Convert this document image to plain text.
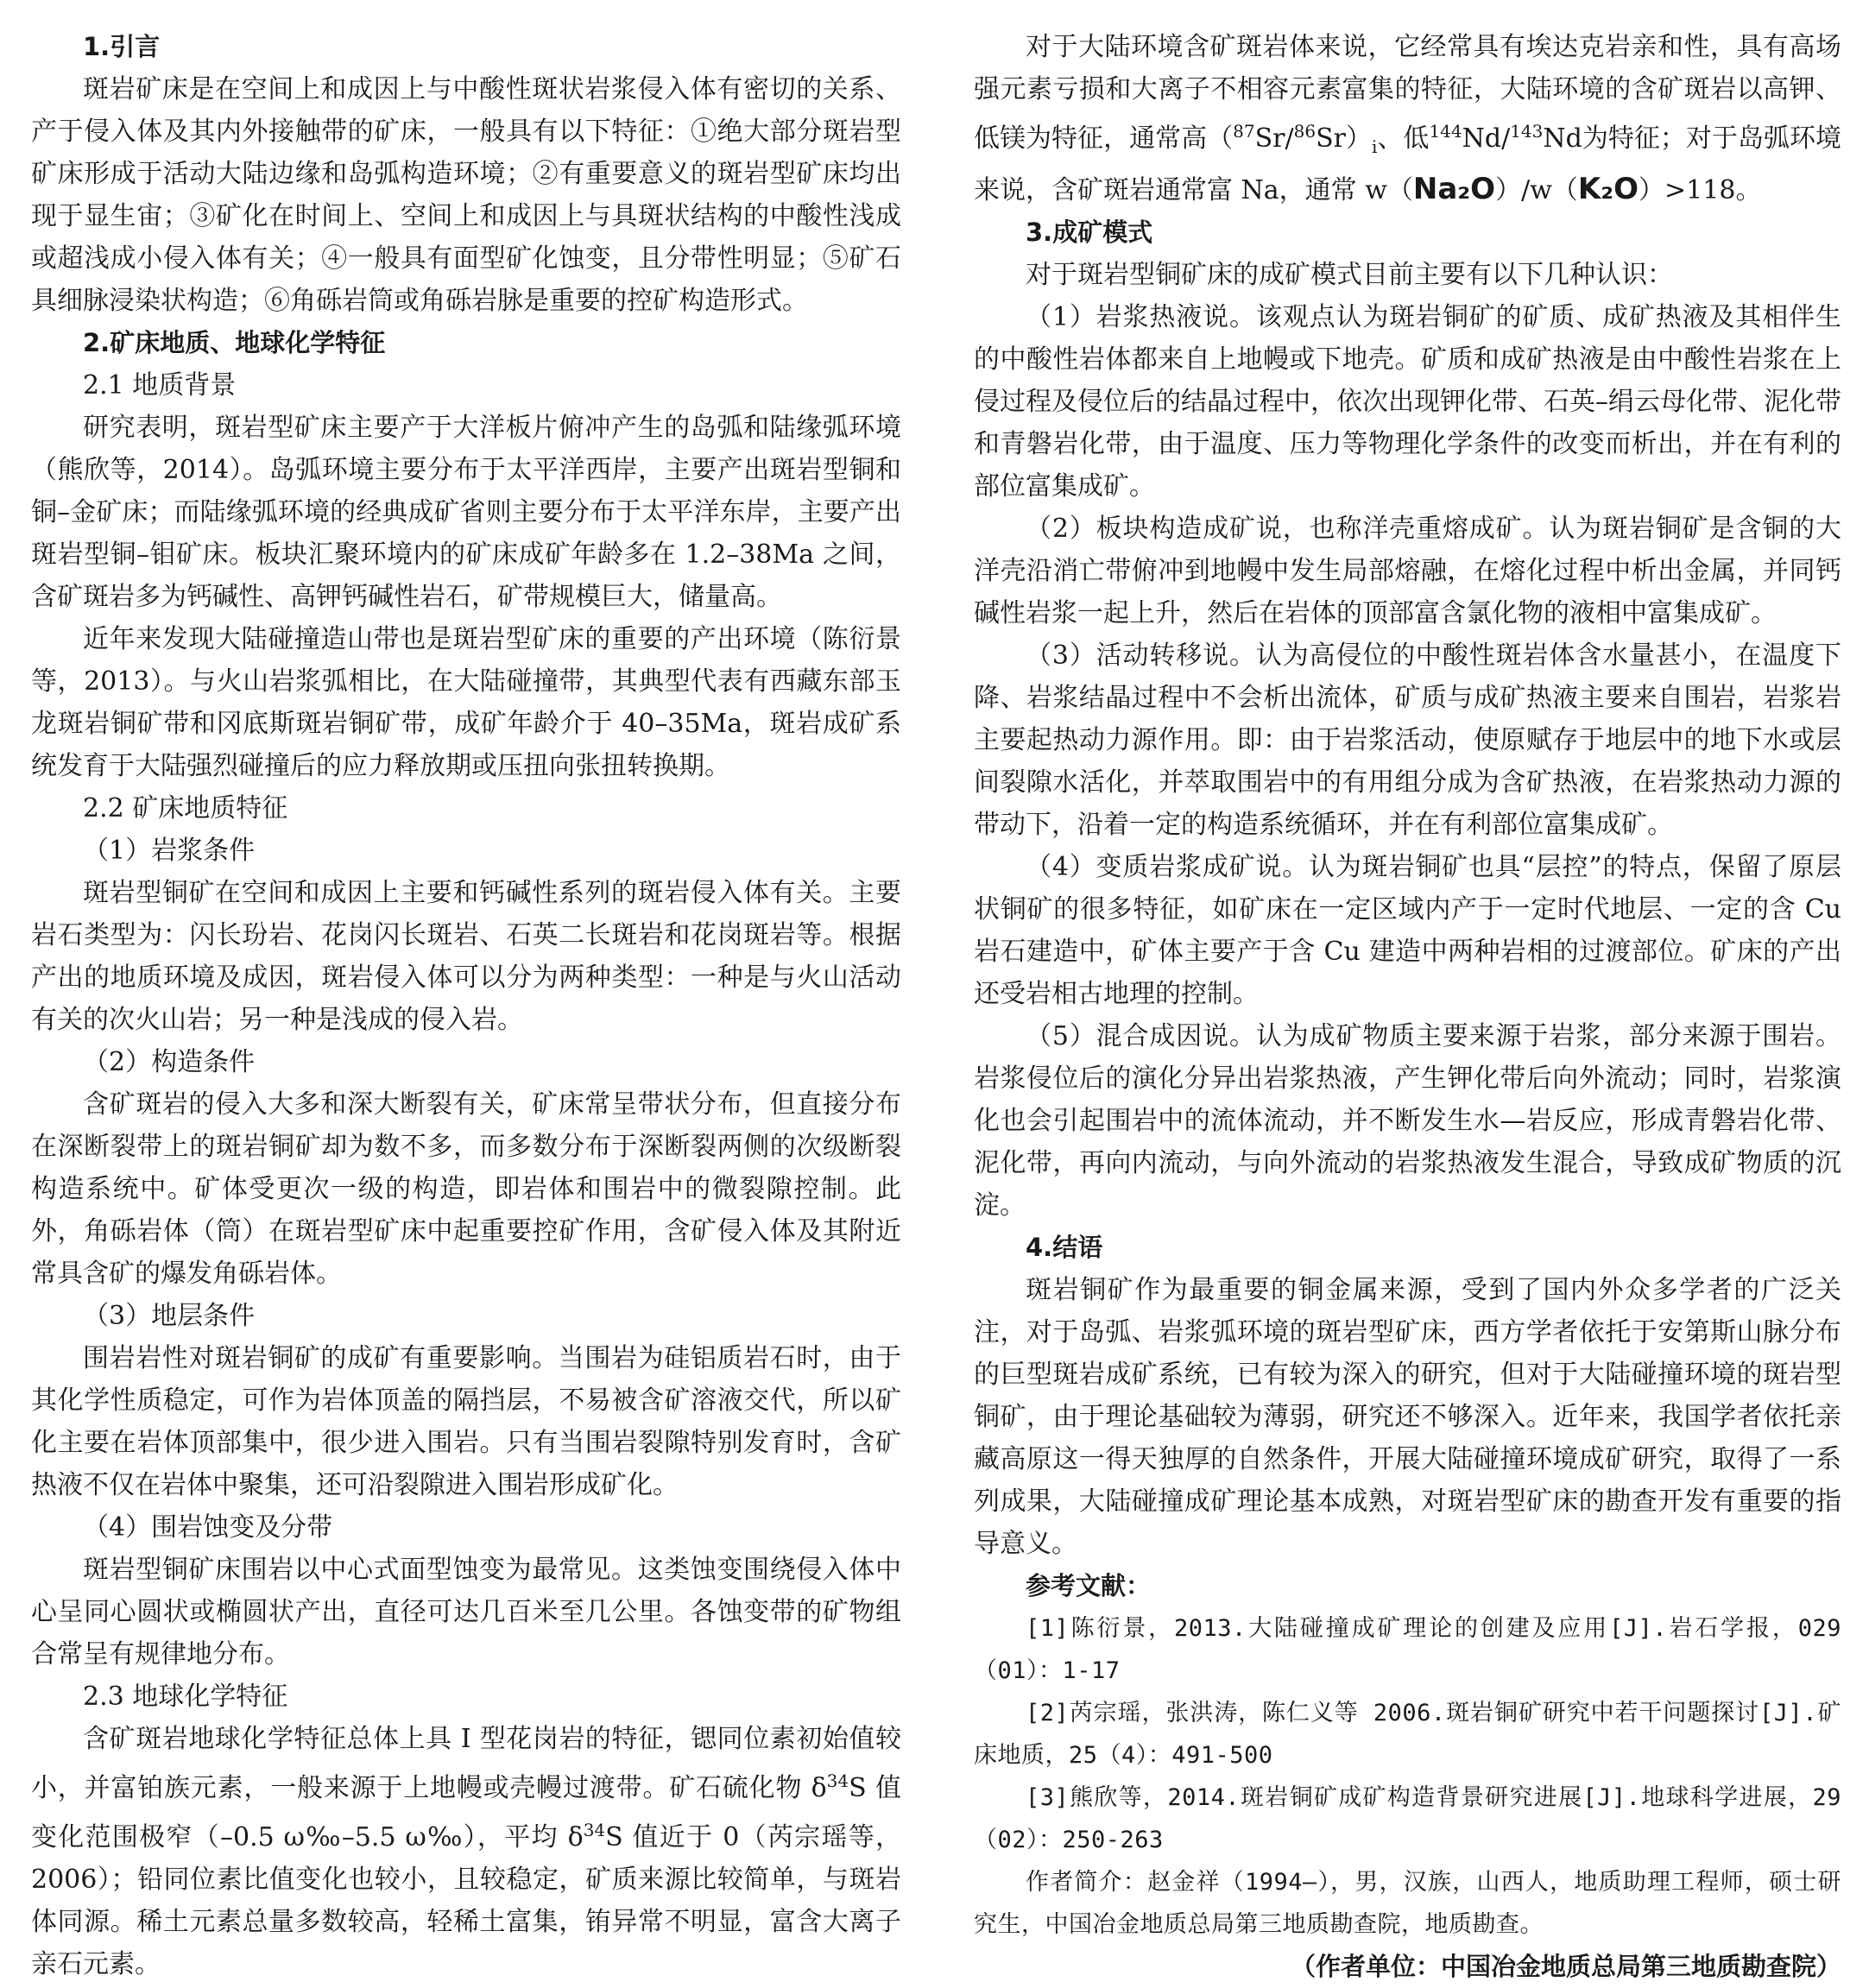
1.引言

斑岩矿床是在空间上和成因上与中酸性斑状岩浆侵入体有密切的关系、产于侵入体及其内外接触带的矿床，一般具有以下特征：①绝大部分斑岩型矿床形成于活动大陆边缘和岛弧构造环境；②有重要意义的斑岩型矿床均出现于显生宙；③矿化在时间上、空间上和成因上与具斑状结构的中酸性浅成或超浅成小侵入体有关；④一般具有面型矿化蚀变，且分带性明显；⑤矿石具细脉浸染状构造；⑥角砾岩筒或角砾岩脉是重要的控矿构造形式。

2.矿床地质、地球化学特征

2.1 地质背景

研究表明，斑岩型矿床主要产于大洋板片俯冲产生的岛弧和陆缘弧环境（熊欣等，2014）。岛弧环境主要分布于太平洋西岸，主要产出斑岩型铜和铜–金矿床；而陆缘弧环境的经典成矿省则主要分布于太平洋东岸，主要产出斑岩型铜–钼矿床。板块汇聚环境内的矿床成矿年龄多在 1.2–38Ma 之间，含矿斑岩多为钙碱性、高钾钙碱性岩石，矿带规模巨大，储量高。

近年来发现大陆碰撞造山带也是斑岩型矿床的重要的产出环境（陈衍景等，2013）。与火山岩浆弧相比，在大陆碰撞带，其典型代表有西藏东部玉龙斑岩铜矿带和冈底斯斑岩铜矿带，成矿年龄介于 40–35Ma，斑岩成矿系统发育于大陆强烈碰撞后的应力释放期或压扭向张扭转换期。

2.2 矿床地质特征

（1）岩浆条件

斑岩型铜矿在空间和成因上主要和钙碱性系列的斑岩侵入体有关。主要岩石类型为：闪长玢岩、花岗闪长斑岩、石英二长斑岩和花岗斑岩等。根据产出的地质环境及成因，斑岩侵入体可以分为两种类型：一种是与火山活动有关的次火山岩；另一种是浅成的侵入岩。

（2）构造条件

含矿斑岩的侵入大多和深大断裂有关，矿床常呈带状分布，但直接分布在深断裂带上的斑岩铜矿却为数不多，而多数分布于深断裂两侧的次级断裂构造系统中。矿体受更次一级的构造，即岩体和围岩中的微裂隙控制。此外，角砾岩体（筒）在斑岩型矿床中起重要控矿作用，含矿侵入体及其附近常具含矿的爆发角砾岩体。

（3）地层条件

围岩岩性对斑岩铜矿的成矿有重要影响。当围岩为硅铝质岩石时，由于其化学性质稳定，可作为岩体顶盖的隔挡层，不易被含矿溶液交代，所以矿化主要在岩体顶部集中，很少进入围岩。只有当围岩裂隙特别发育时，含矿热液不仅在岩体中聚集，还可沿裂隙进入围岩形成矿化。

（4）围岩蚀变及分带

斑岩型铜矿床围岩以中心式面型蚀变为最常见。这类蚀变围绕侵入体中心呈同心圆状或椭圆状产出，直径可达几百米至几公里。各蚀变带的矿物组合常呈有规律地分布。

2.3 地球化学特征

含矿斑岩地球化学特征总体上具 I 型花岗岩的特征，锶同位素初始值较小，并富铂族元素，一般来源于上地幔或壳幔过渡带。矿石硫化物 $\delta^{34}S$ 值变化范围极窄（–0.5 ω‰–5.5 ω‰），平均 $\delta^{34}S$ 值近于 0（芮宗瑶等，2006）；铅同位素比值变化也较小，且较稳定，矿质来源比较简单，与斑岩体同源。稀土元素总量多数较高，轻稀土富集，铕异常不明显，富含大离子亲石元素。

对于大陆环境含矿斑岩体来说，它经常具有埃达克岩亲和性，具有高场强元素亏损和大离子不相容元素富集的特征，大陆环境的含矿斑岩以高钾、低镁为特征，通常高$(^{87}Sr/^{86}Sr)_i$、低$^{144}$Nd/$^{143}$Nd为特征；对于岛弧环境来说，含矿斑岩通常富 Na，通常 w（Na₂O）/w（K₂O）>118。

3.成矿模式

对于斑岩型铜矿床的成矿模式目前主要有以下几种认识：

（1）岩浆热液说。该观点认为斑岩铜矿的矿质、成矿热液及其相伴生的中酸性岩体都来自上地幔或下地壳。矿质和成矿热液是由中酸性岩浆在上侵过程及侵位后的结晶过程中，依次出现钾化带、石英–绢云母化带、泥化带和青磐岩化带，由于温度、压力等物理化学条件的改变而析出，并在有利的部位富集成矿。

（2）板块构造成矿说，也称洋壳重熔成矿。认为斑岩铜矿是含铜的大洋壳沿消亡带俯冲到地幔中发生局部熔融，在熔化过程中析出金属，并同钙碱性岩浆一起上升，然后在岩体的顶部富含氯化物的液相中富集成矿。

（3）活动转移说。认为高侵位的中酸性斑岩体含水量甚小，在温度下降、岩浆结晶过程中不会析出流体，矿质与成矿热液主要来自围岩，岩浆岩主要起热动力源作用。即：由于岩浆活动，使原赋存于地层中的地下水或层间裂隙水活化，并萃取围岩中的有用组分成为含矿热液，在岩浆热动力源的带动下，沿着一定的构造系统循环，并在有利部位富集成矿。

（4）变质岩浆成矿说。认为斑岩铜矿也具“层控”的特点，保留了原层状铜矿的很多特征，如矿床在一定区域内产于一定时代地层、一定的含 Cu 岩石建造中，矿体主要产于含 Cu 建造中两种岩相的过渡部位。矿床的产出还受岩相古地理的控制。

（5）混合成因说。认为成矿物质主要来源于岩浆，部分来源于围岩。岩浆侵位后的演化分异出岩浆热液，产生钾化带后向外流动；同时，岩浆演化也会引起围岩中的流体流动，并不断发生水—岩反应，形成青磐岩化带、泥化带，再向内流动，与向外流动的岩浆热液发生混合，导致成矿物质的沉淀。

4.结语

斑岩铜矿作为最重要的铜金属来源，受到了国内外众多学者的广泛关注，对于岛弧、岩浆弧环境的斑岩型矿床，西方学者依托于安第斯山脉分布的巨型斑岩成矿系统，已有较为深入的研究，但对于大陆碰撞环境的斑岩型铜矿，由于理论基础较为薄弱，研究还不够深入。近年来，我国学者依托亲藏高原这一得天独厚的自然条件，开展大陆碰撞环境成矿研究，取得了一系列成果，大陆碰撞成矿理论基本成熟，对斑岩型矿床的勘查开发有重要的指导意义。

参考文献：

[1]陈衍景，2013.大陆碰撞成矿理论的创建及应用[J].岩石学报，029（01）：1-17

[2]芮宗瑶，张洪涛，陈仁义等 2006.斑岩铜矿研究中若干问题探讨[J].矿床地质，25（4）：491-500

[3]熊欣等，2014.斑岩铜矿成矿构造背景研究进展[J].地球科学进展，29（02）：250-263

作者简介：赵金祥（1994—），男，汉族，山西人，地质助理工程师，硕士研究生，中国冶金地质总局第三地质勘查院，地质勘查。

（作者单位：中国冶金地质总局第三地质勘查院）
